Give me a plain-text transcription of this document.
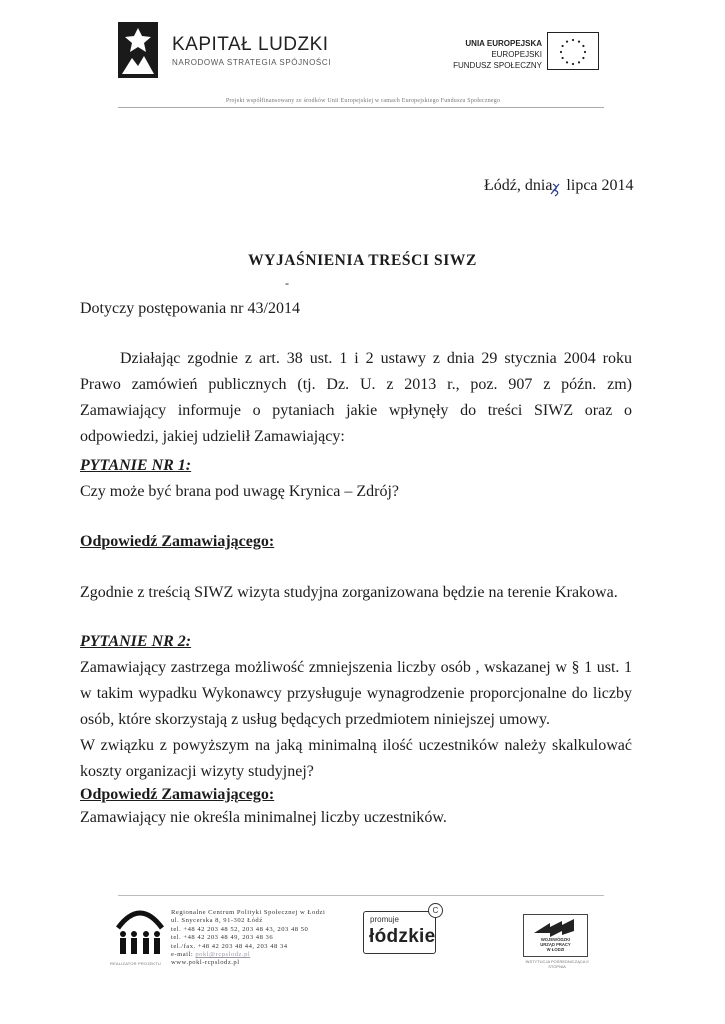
KAPITAŁ LUDZKI
NARODOWA STRATEGIA SPÓJNOŚCI
UNIA EUROPEJSKA
EUROPEJSKI
FUNDUSZ SPOŁECZNY
Projekt współfinansowany ze środków Unii Europejskiej w ramach Europejskiego Funduszu Społecznego
Łódź, dnia lipca 2014
WYJAŚNIENIA TREŚCI SIWZ
-
Dotyczy postępowania nr 43/2014
Działając zgodnie z art. 38 ust. 1 i 2 ustawy z dnia 29 stycznia 2004 roku Prawo zamówień publicznych (tj. Dz. U. z 2013 r., poz. 907 z późn. zm) Zamawiający informuje o pytaniach jakie wpłynęły do treści SIWZ oraz o odpowiedzi, jakiej udzielił Zamawiający:
PYTANIE NR 1:
Czy może być brana pod uwagę Krynica – Zdrój?
Odpowiedź Zamawiającego:
Zgodnie z treścią SIWZ wizyta studyjna zorganizowana będzie na terenie Krakowa.
PYTANIE NR 2:
Zamawiający zastrzega możliwość zmniejszenia liczby osób , wskazanej w § 1 ust. 1 w takim wypadku Wykonawcy przysługuje wynagrodzenie proporcjonalne do liczby osób, które skorzystają z usług będących przedmiotem niniejszej umowy.
W związku z powyższym na jaką minimalną ilość uczestników należy skalkulować koszty organizacji wizyty studyjnej?
Odpowiedź Zamawiającego:
Zamawiający nie określa minimalnej liczby uczestników.
REALIZATOR PROJEKTU
Regionalne Centrum Polityki Społecznej w Łodzi
ul. Snycerska 8, 91-302 Łódź
tel. +48 42 203 48 52, 203 48 43, 203 48 50
tel. +48 42 203 48 49, 203 48 36
tel./fax. +48 42 203 48 44, 203 48 34
e-mail: pokl@rcpslodz.pl
www.pokl-rcpslodz.pl
promuje
łódzkie
C
WOJEWÓDZKI
URZĄD PRACY
W ŁODZI
INSTYTUCJA POŚREDNICZĄCA II STOPNIA
